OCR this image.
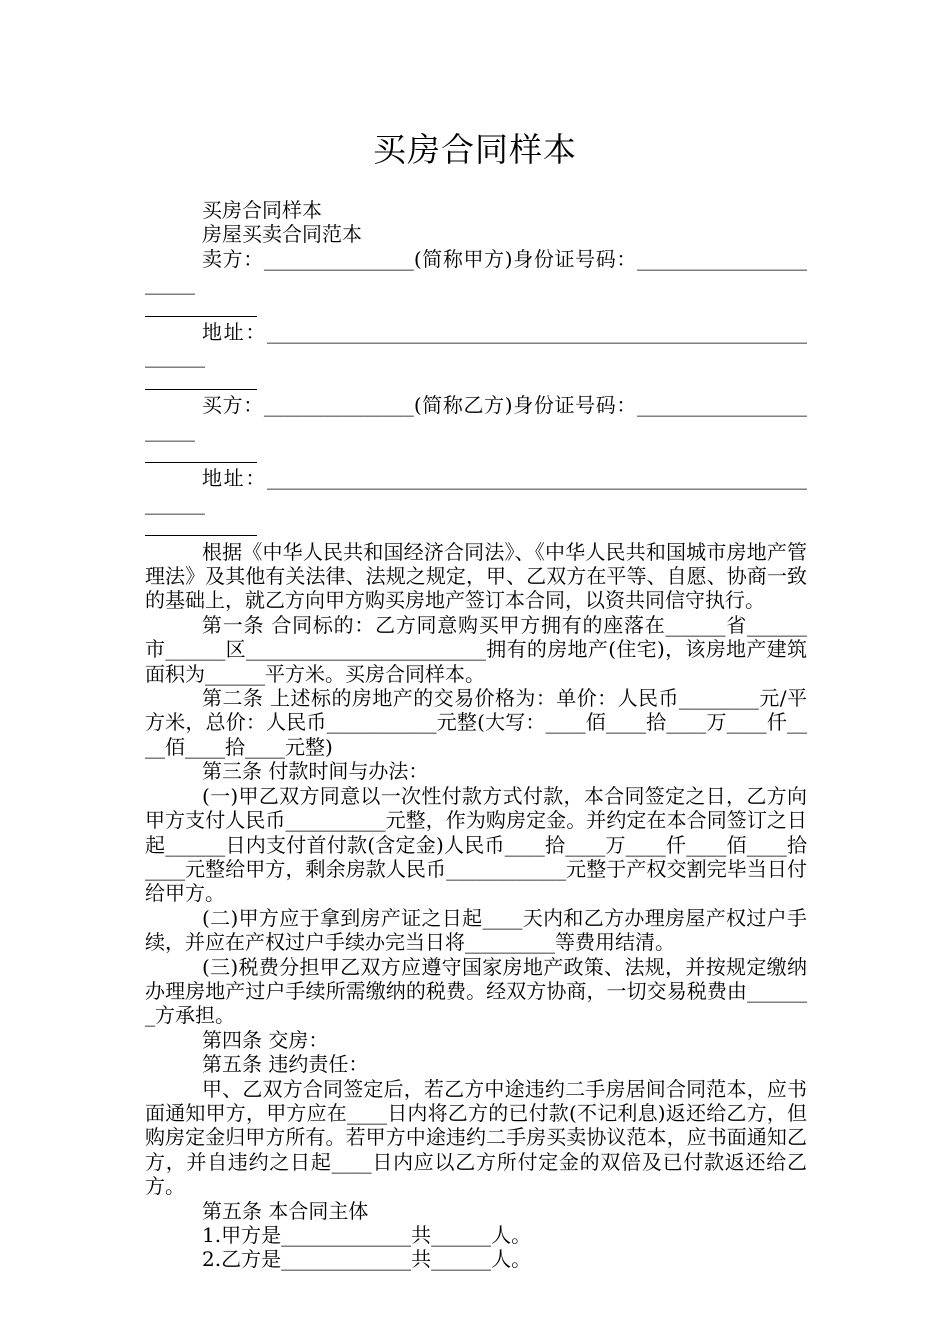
买房合同样本

买房合同样本

房屋买卖合同范本

卖方：_______________(简称甲方)身份证号码：______________________

地址：____________________________________________________________

买方：_______________(简称乙方)身份证号码：______________________

地址：____________________________________________________________

根据《中华人民共和国经济合同法》、《中华人民共和国城市房地产管理法》及其他有关法律、法规之规定，甲、乙双方在平等、自愿、协商一致的基础上，就乙方向甲方购买房地产签订本合同，以资共同信守执行。

第一条 合同标的：乙方同意购买甲方拥有的座落在______省______市______区________________________拥有的房地产(住宅)，该房地产建筑面积为______平方米。买房合同样本。

第二条 上述标的房地产的交易价格为：单价：人民币________元/平方米，总价：人民币___________元整(大写：____佰____拾____万____仟____佰____拾____元整)

第三条 付款时间与办法：

(一)甲乙双方同意以一次性付款方式付款，本合同签定之日，乙方向甲方支付人民币__________元整，作为购房定金。并约定在本合同签订之日起______日内支付首付款(含定金)人民币____拾____万____仟____佰____拾____元整给甲方，剩余房款人民币____________元整于产权交割完毕当日付给甲方。

(二)甲方应于拿到房产证之日起____天内和乙方办理房屋产权过户手续，并应在产权过户手续办完当日将_________等费用结清。

(三)税费分担甲乙双方应遵守国家房地产政策、法规，并按规定缴纳办理房地产过户手续所需缴纳的税费。经双方协商，一切交易税费由_______方承担。

第四条 交房：

第五条 违约责任：

甲、乙双方合同签定后，若乙方中途违约二手房居间合同范本，应书面通知甲方，甲方应在____日内将乙方的已付款(不记利息)返还给乙方，但购房定金归甲方所有。若甲方中途违约二手房买卖协议范本，应书面通知乙方，并自违约之日起____日内应以乙方所付定金的双倍及已付款返还给乙方。

第五条 本合同主体

1.甲方是_____________共______人。

2.乙方是_____________共______人。
